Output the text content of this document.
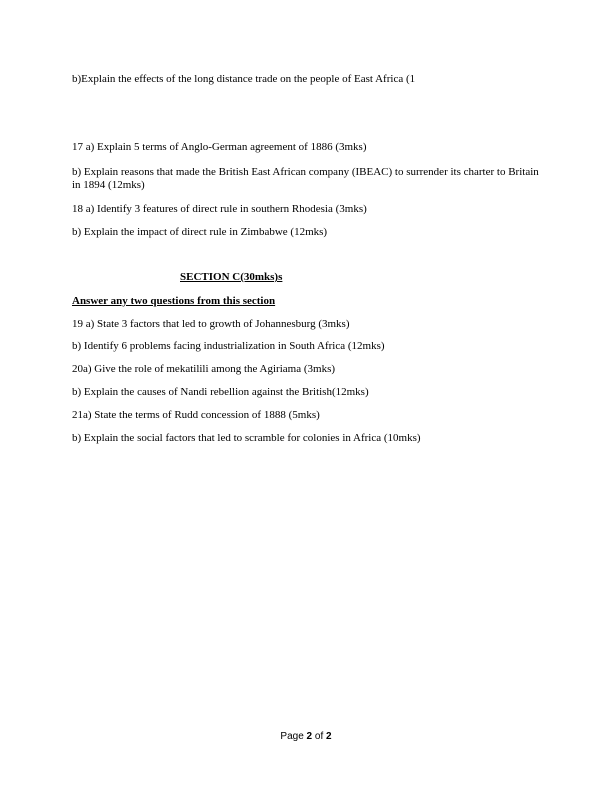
b)Explain the effects of the long distance trade on the people of East Africa (1
17 a) Explain 5 terms of Anglo-German agreement of 1886 (3mks)
b) Explain reasons that made the British East African company (IBEAC) to surrender its charter to Britain in 1894 (12mks)
18 a) Identify 3 features of direct rule in southern Rhodesia (3mks)
b) Explain the impact of direct rule in Zimbabwe (12mks)
SECTION C(30mks)s
Answer any two questions from this section
19 a) State 3 factors that led to growth of Johannesburg (3mks)
b) Identify 6 problems facing industrialization in South Africa (12mks)
20a) Give the role of mekatilili among the Agiriama (3mks)
b) Explain the causes of Nandi rebellion against the British(12mks)
21a) State the terms of Rudd concession of 1888 (5mks)
b) Explain the social factors that led to scramble for colonies in Africa (10mks)
Page 2 of 2
